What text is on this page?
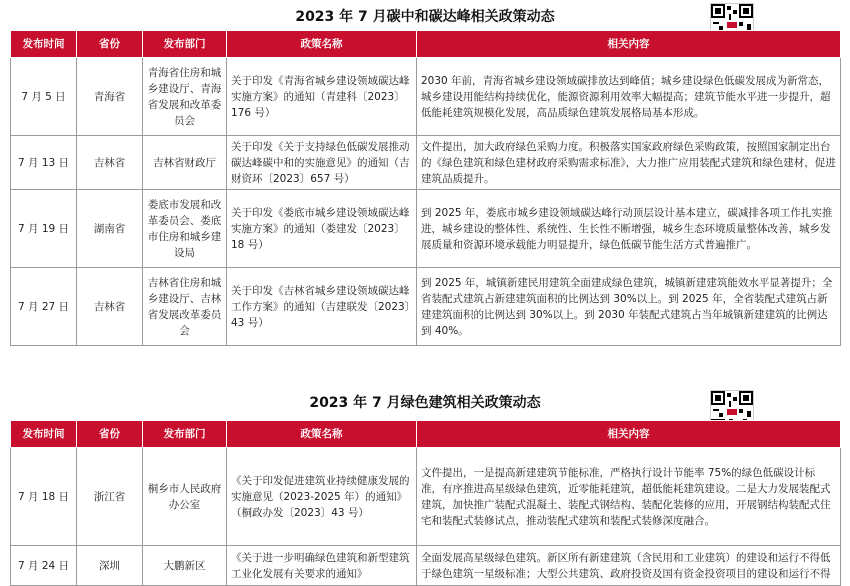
2023 年 7 月碳中和碳达峰相关政策动态
发布时间	省份	发布部门	政策名称	相关内容
7 月 5 日	青海省	青海省住房和城乡建设厅、青海省发展和改革委员会	关于印发《青海省城乡建设领域碳达峰实施方案》的通知（青建科〔2023〕176 号）	2030 年前，青海省城乡建设领域碳排放达到峰值；城乡建设绿色低碳发展成为新常态，城乡建设用能结构持续优化，能源资源利用效率大幅提高；建筑节能水平进一步提升，超低能耗建筑规模化发展，高品质绿色建筑发展格局基本形成。
7 月 13 日	吉林省	吉林省财政厅	关于印发《关于支持绿色低碳发展推动碳达峰碳中和的实施意见》的通知（吉财资环〔2023〕657 号）	文件提出，加大政府绿色采购力度。积极落实国家政府绿色采购政策，按照国家制定出台的《绿色建筑和绿色建材政府采购需求标准》，大力推广应用装配式建筑和绿色建材，促进建筑品质提升。
7 月 19 日	湖南省	娄底市发展和改革委员会、娄底市住房和城乡建设局	关于印发《娄底市城乡建设领域碳达峰实施方案》的通知（娄建发〔2023〕18 号）	到 2025 年，娄底市城乡建设领域碳达峰行动顶层设计基本建立，碳减排各项工作扎实推进，城乡建设的整体性、系统性、生长性不断增强，城乡生态环境质量整体改善，城乡发展质量和资源环境承载能力明显提升，绿色低碳节能生活方式普遍推广。
7 月 27 日	吉林省	吉林省住房和城乡建设厅、吉林省发展改革委员会	关于印发《吉林省城乡建设领域碳达峰工作方案》的通知（吉建联发〔2023〕43 号）	到 2025 年，城镇新建民用建筑全面建成绿色建筑，城镇新建建筑能效水平显著提升；全省装配式建筑占新建建筑面积的比例达到 30%以上。到 2025 年，全省装配式建筑占新建建筑面积的比例达到 30%以上。到 2030 年装配式建筑占当年城镇新建建筑的比例达到 40%。
2023 年 7 月绿色建筑相关政策动态
发布时间	省份	发布部门	政策名称	相关内容
7 月 18 日	浙江省	桐乡市人民政府办公室	《关于印发促进建筑业持续健康发展的实施意见（2023-2025 年）的通知》（桐政办发〔2023〕43 号）	文件提出，一是提高新建建筑节能标准，严格执行设计节能率 75%的绿色低碳设计标准，有序推进高星级绿色建筑，近零能耗建筑，超低能耗建筑建设。二是大力发展装配式建筑，加快推广装配式混凝土、装配式钢结构、装配化装修的应用，开展钢结构装配式住宅和装配式装修试点，推动装配式建筑和装配式装修深度融合。
7 月 24 日	深圳	大鹏新区	《关于进一步明确绿色建筑和新型建筑工业化发展有关要求的通知》	全面发展高星级绿色建筑。新区所有新建建筑（含民用和工业建筑）的建设和运行不得低于绿色建筑一星级标准；大型公共建筑、政府投资及国有资金投资项目的建设和运行不得
